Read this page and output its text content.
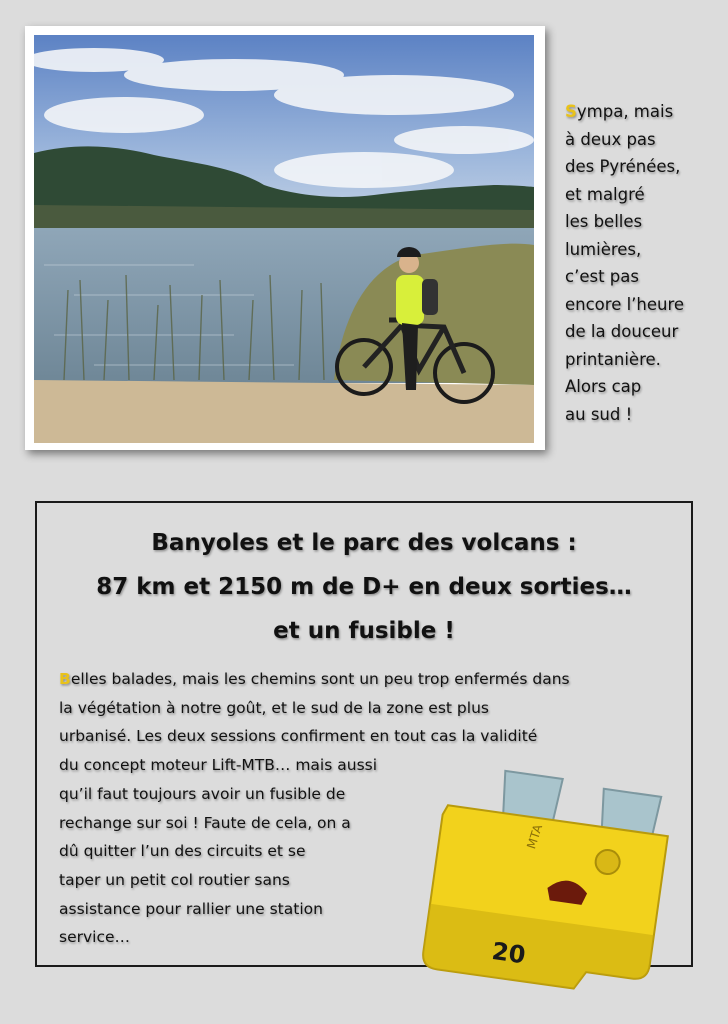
Sympa, mais
à deux pas
des Pyrénées,
et malgré
les belles
lumières,
c’est pas
encore l’heure
de la douceur
printanière.
Alors cap
au sud !
Banyoles et le parc des volcans :
87 km et 2150 m de D+ en deux sorties…
et un fusible !
Belles balades, mais les chemins sont un peu trop enfermés dans
la végétation à notre goût, et le sud de la zone est plus
urbanisé. Les deux sessions confirment en tout cas la validité
du concept moteur Lift-MTB… mais aussi
qu’il faut toujours avoir un fusible de
rechange sur soi ! Faute de cela, on a
dû quitter l’un des circuits et se
taper un petit col routier sans
assistance pour rallier une station
service…
MTA
20
